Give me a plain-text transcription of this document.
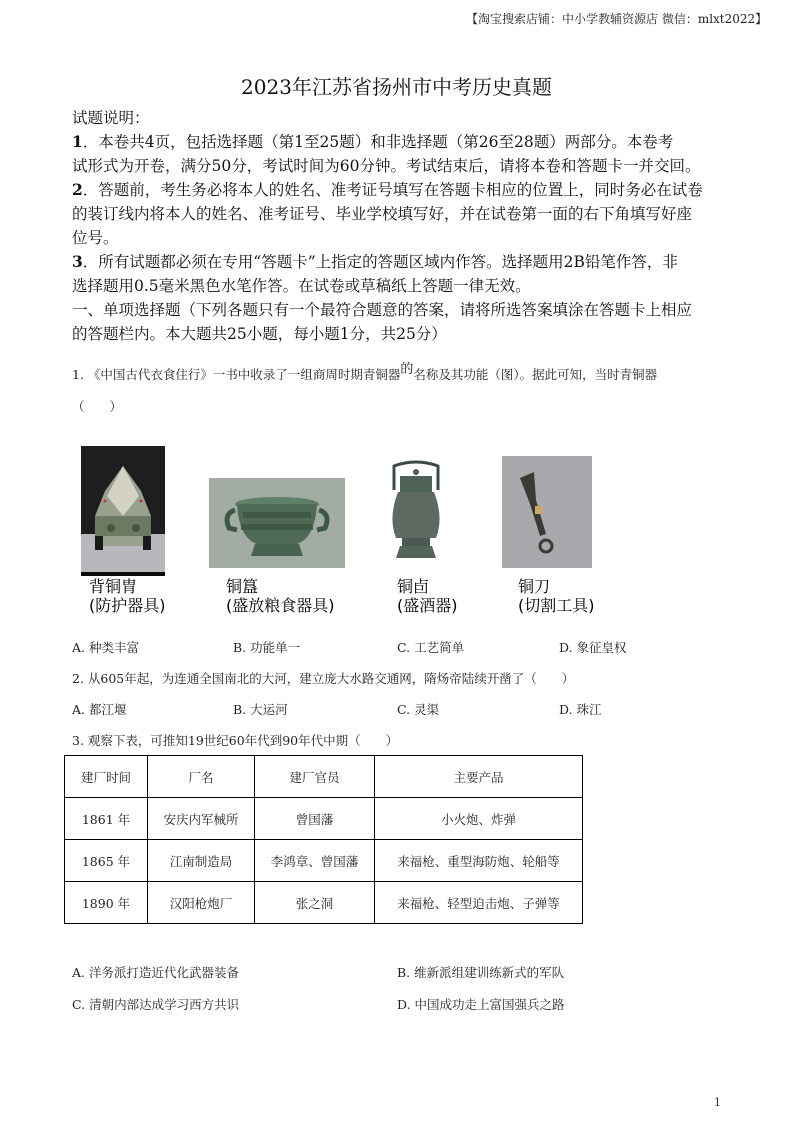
【淘宝搜索店铺：中小学教辅资源店 微信：mlxt2022】
2023年江苏省扬州市中考历史真题
试题说明：
1．本卷共4页，包括选择题（第1至25题）和非选择题（第26至28题）两部分。本卷考
试形式为开卷，满分50分，考试时间为60分钟。考试结束后，请将本卷和答题卡一并交回。
2．答题前，考生务必将本人的姓名、准考证号填写在答题卡相应的位置上，同时务必在试卷
的装订线内将本人的姓名、准考证号、毕业学校填写好，并在试卷第一面的右下角填写好座
位号。
3．所有试题都必须在专用“答题卡”上指定的答题区域内作答。选择题用2B铅笔作答，非
选择题用0.5毫米黑色水笔作答。在试卷或草稿纸上答题一律无效。
一、单项选择题（下列各题只有一个最符合题意的答案，请将所选答案填涂在答题卡上相应
的答题栏内。本大题共25小题，每小题1分，共25分）
1. 《中国古代衣食住行》一书中收录了一组商周时期青铜器的名称及其功能（图）。据此可知，当时青铜器
（　　）
背铜胄
(防护器具)
铜簋
(盛放粮食器具)
铜卣
(盛酒器)
铜刀
(切割工具)
A. 种类丰富	B. 功能单一	C. 工艺简单	D. 象征皇权
2. 从605年起，为连通全国南北的大河，建立庞大水路交通网，隋炀帝陆续开凿了（　　）
A. 都江堰	B. 大运河	C. 灵渠	D. 珠江
3. 观察下表，可推知19世纪60年代到90年代中期（　　）
建厂时间	厂名	建厂官员	主要产品
1861 年	安庆内军械所	曾国藩	小火炮、炸弹
1865 年	江南制造局	李鸿章、曾国藩	来福枪、重型海防炮、轮船等
1890 年	汉阳枪炮厂	张之洞	来福枪、轻型迫击炮、子弹等
A. 洋务派打造近代化武器装备	B. 维新派组建训练新式的军队
C. 清朝内部达成学习西方共识	D. 中国成功走上富国强兵之路
1
